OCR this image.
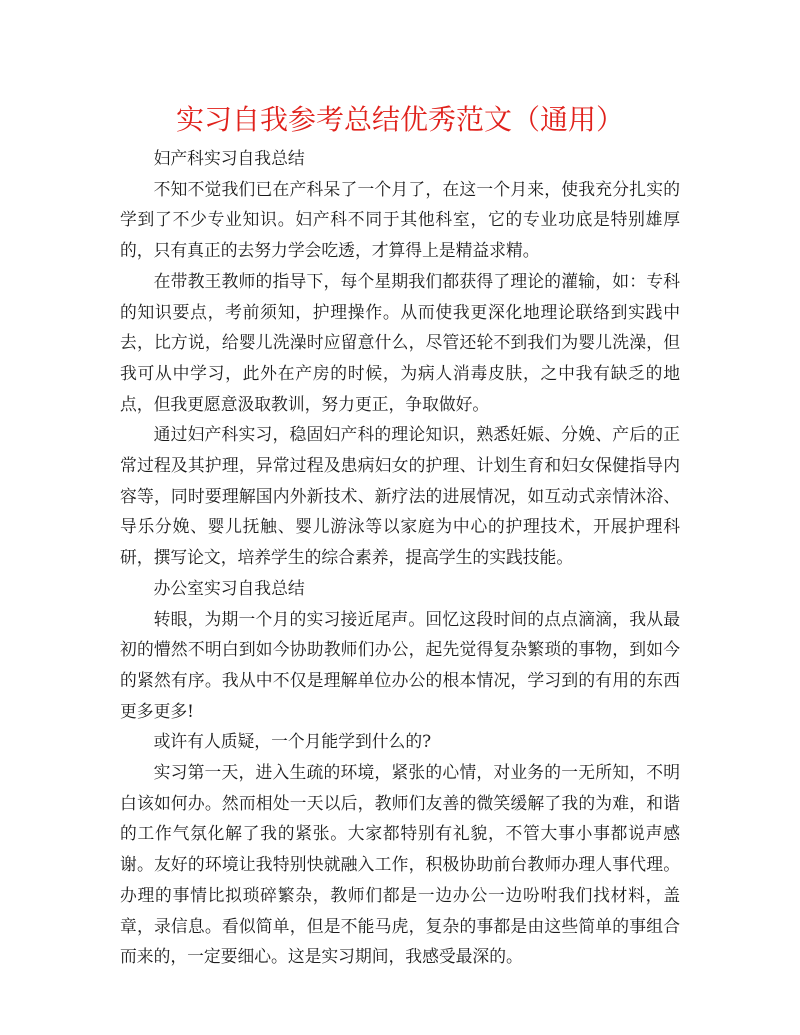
实习自我参考总结优秀范文（通用）

妇产科实习自我总结

不知不觉我们已在产科呆了一个月了，在这一个月来，使我充分扎实的学到了不少专业知识。妇产科不同于其他科室，它的专业功底是特别雄厚的，只有真正的去努力学会吃透，才算得上是精益求精。

在带教王教师的指导下，每个星期我们都获得了理论的灌输，如：专科的知识要点，考前须知，护理操作。从而使我更深化地理论联络到实践中去，比方说，给婴儿洗澡时应留意什么，尽管还轮不到我们为婴儿洗澡，但我可从中学习，此外在产房的时候，为病人消毒皮肤，之中我有缺乏的地点，但我更愿意汲取教训，努力更正，争取做好。

通过妇产科实习，稳固妇产科的理论知识，熟悉妊娠、分娩、产后的正常过程及其护理，异常过程及患病妇女的护理、计划生育和妇女保健指导内容等，同时要理解国内外新技术、新疗法的进展情况，如互动式亲情沐浴、导乐分娩、婴儿抚触、婴儿游泳等以家庭为中心的护理技术，开展护理科研，撰写论文，培养学生的综合素养，提高学生的实践技能。

办公室实习自我总结

转眼，为期一个月的实习接近尾声。回忆这段时间的点点滴滴，我从最初的懵然不明白到如今协助教师们办公，起先觉得复杂繁琐的事物，到如今的紧然有序。我从中不仅是理解单位办公的根本情况，学习到的有用的东西更多更多!

或许有人质疑，一个月能学到什么的?

实习第一天，进入生疏的环境，紧张的心情，对业务的一无所知，不明白该如何办。然而相处一天以后，教师们友善的微笑缓解了我的为难，和谐的工作气氛化解了我的紧张。大家都特别有礼貌，不管大事小事都说声感谢。友好的环境让我特别快就融入工作，积极协助前台教师办理人事代理。办理的事情比拟琐碎繁杂，教师们都是一边办公一边吩咐我们找材料，盖章，录信息。看似简单，但是不能马虎，复杂的事都是由这些简单的事组合而来的，一定要细心。这是实习期间，我感受最深的。
